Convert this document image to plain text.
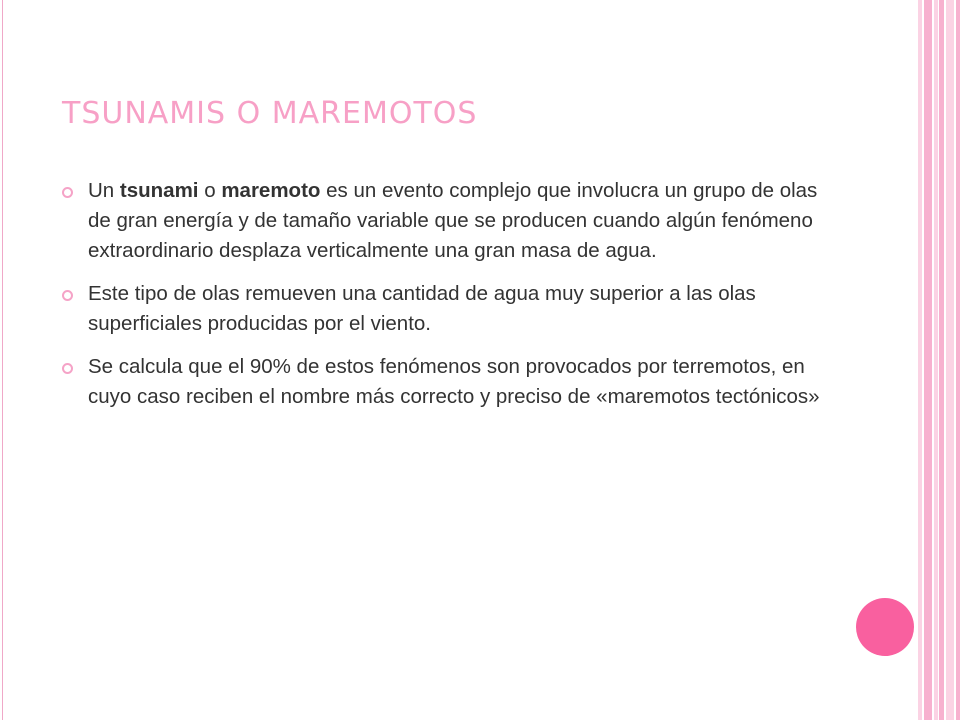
TSUNAMIS O MAREMOTOS
Un tsunami o maremoto es un evento complejo que involucra un grupo de olas de gran energía y de tamaño variable que se producen cuando algún fenómeno extraordinario desplaza verticalmente una gran masa de agua.
Este tipo de olas remueven una cantidad de agua muy superior a las olas superficiales producidas por el viento.
Se calcula que el 90% de estos fenómenos son provocados por terremotos, en cuyo caso reciben el nombre más correcto y preciso de «maremotos tectónicos»
